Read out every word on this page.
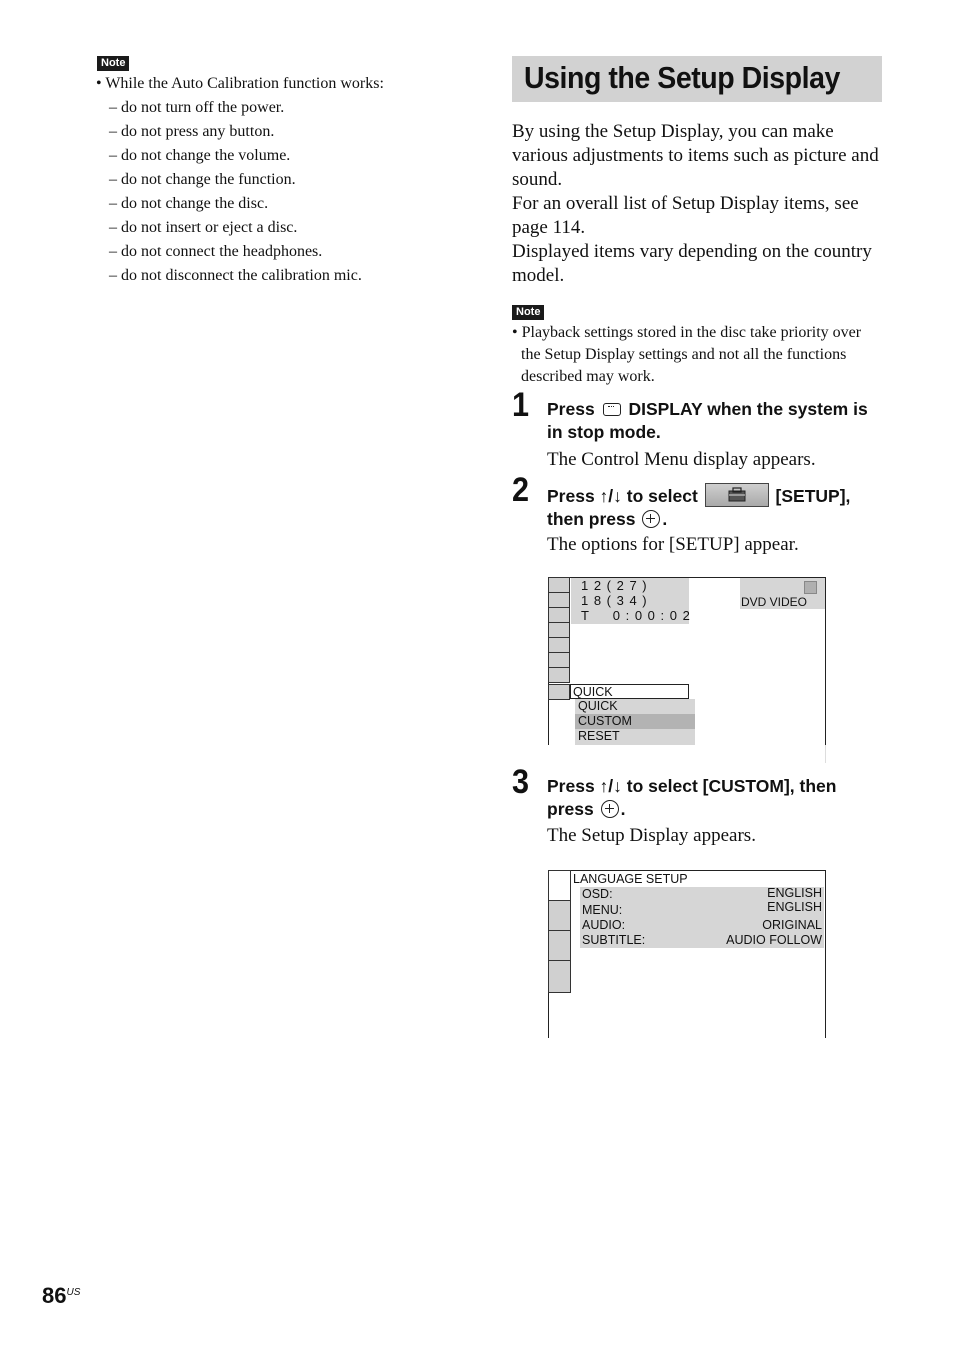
Note
• While the Auto Calibration function works:
– do not turn off the power.
– do not press any button.
– do not change the volume.
– do not change the function.
– do not change the disc.
– do not insert or eject a disc.
– do not connect the headphones.
– do not disconnect the calibration mic.
Using the Setup Display
By using the Setup Display, you can make
various adjustments to items such as picture and
sound.
For an overall list of Setup Display items, see
page 114.
Displayed items vary depending on the country
model.
Note
• Playback settings stored in the disc take priority over
the Setup Display settings and not all the functions
described may work.
1 Press DISPLAY when the system is
in stop mode.
The Control Menu display appears.
2 Press ↑/↓ to select	[SETUP],
then press .
The options for [SETUP] appear.
1 2 ( 2 7 )
1 8 ( 3 4 )
T     0 : 0 0 : 0 2
DVD VIDEO
QUICK
QUICK
CUSTOM
RESET
3 Press ↑/↓ to select [CUSTOM], then
press .
The Setup Display appears.
LANGUAGE SETUP
OSD:	ENGLISH
MENU:	ENGLISH
AUDIO:	ORIGINAL
SUBTITLE:	AUDIO FOLLOW
$86^{US}$
